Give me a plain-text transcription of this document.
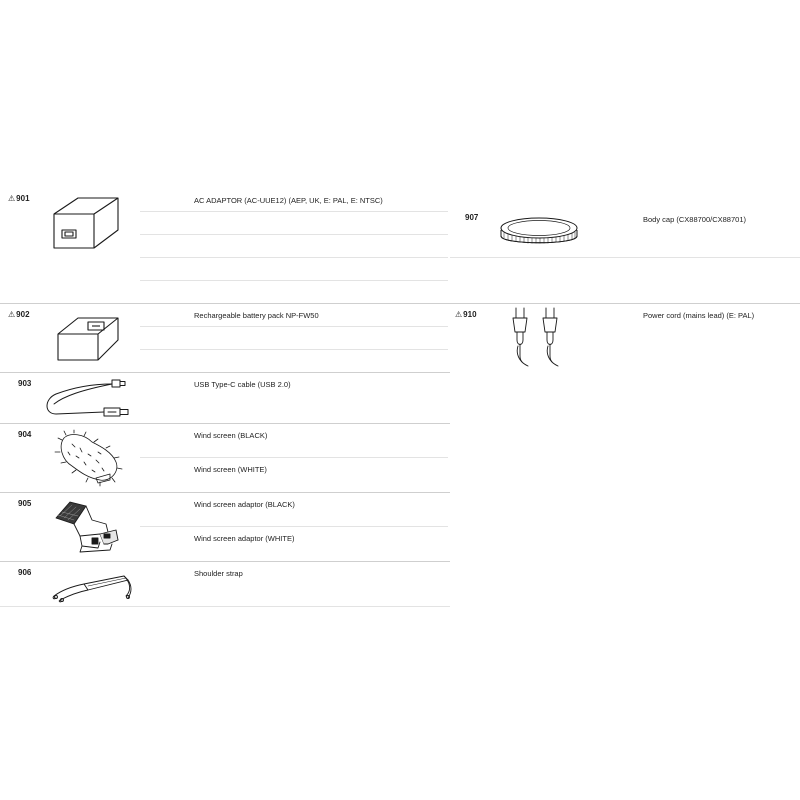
⚠901	AC ADAPTOR (AC-UUE12) (AEP, UK, E: PAL, E: NTSC)
⚠902	Rechargeable battery pack NP-FW50
903	USB Type-C cable (USB 2.0)
904	Wind screen (BLACK)
Wind screen (WHITE)
905	Wind screen adaptor (BLACK)
Wind screen adaptor (WHITE)
906	Shoulder strap
907	Body cap (CX88700/CX88701)
⚠910	Power cord (mains lead) (E: PAL)
